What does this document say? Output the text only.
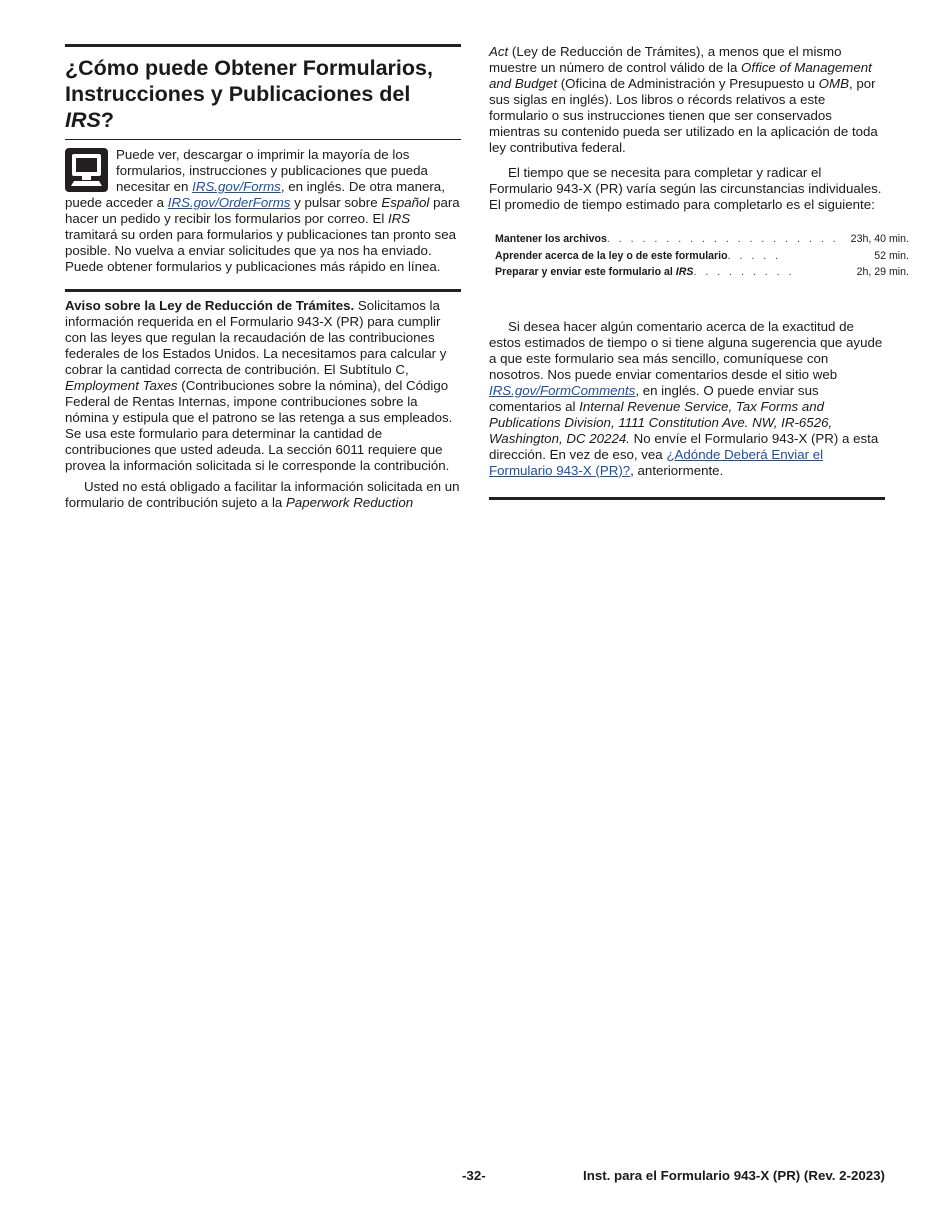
¿Cómo puede Obtener Formularios,
Instrucciones y Publicaciones del
IRS?

Puede ver, descargar o imprimir la mayoría de los formularios, instrucciones y publicaciones que pueda necesitar en IRS.gov/Forms, en inglés. De otra manera, puede acceder a IRS.gov/OrderForms y pulsar sobre Español para hacer un pedido y recibir los formularios por correo. El IRS tramitará su orden para formularios y publicaciones tan pronto sea posible. No vuelva a enviar solicitudes que ya nos ha enviado. Puede obtener formularios y publicaciones más rápido en línea.

Aviso sobre la Ley de Reducción de Trámites. Solicitamos la información requerida en el Formulario 943-X (PR) para cumplir con las leyes que regulan la recaudación de las contribuciones federales de los Estados Unidos. La necesitamos para calcular y cobrar la cantidad correcta de contribución. El Subtítulo C, Employment Taxes (Contribuciones sobre la nómina), del Código Federal de Rentas Internas, impone contribuciones sobre la nómina y estipula que el patrono se las retenga a sus empleados. Se usa este formulario para determinar la cantidad de contribuciones que usted adeuda. La sección 6011 requiere que provea la información solicitada si le corresponde la contribución.

Usted no está obligado a facilitar la información solicitada en un formulario de contribución sujeto a la Paperwork Reduction

Act (Ley de Reducción de Trámites), a menos que el mismo muestre un número de control válido de la Office of Management and Budget (Oficina de Administración y Presupuesto u OMB, por sus siglas en inglés). Los libros o récords relativos a este formulario o sus instrucciones tienen que ser conservados mientras su contenido pueda ser utilizado en la aplicación de toda ley contributiva federal.

El tiempo que se necesita para completar y radicar el Formulario 943-X (PR) varía según las circunstancias individuales. El promedio de tiempo estimado para completarlo es el siguiente:

Mantener los archivos. . . . . . . . . . . . . . . . . . . .	23h, 40 min.
Aprender acerca de la ley o de este formulario. . . . .	52 min.
Preparar y enviar este formulario al IRS. . . . . . . . .	2h, 29 min.

Si desea hacer algún comentario acerca de la exactitud de estos estimados de tiempo o si tiene alguna sugerencia que ayude a que este formulario sea más sencillo, comuníquese con nosotros. Nos puede enviar comentarios desde el sitio web IRS.gov/FormComments, en inglés. O puede enviar sus comentarios al Internal Revenue Service, Tax Forms and Publications Division, 1111 Constitution Ave. NW, IR-6526, Washington, DC 20224. No envíe el Formulario 943-X (PR) a esta dirección. En vez de eso, vea ¿Adónde Deberá Enviar el Formulario 943-X (PR)?, anteriormente.

-32-	Inst. para el Formulario 943-X (PR) (Rev. 2-2023)
